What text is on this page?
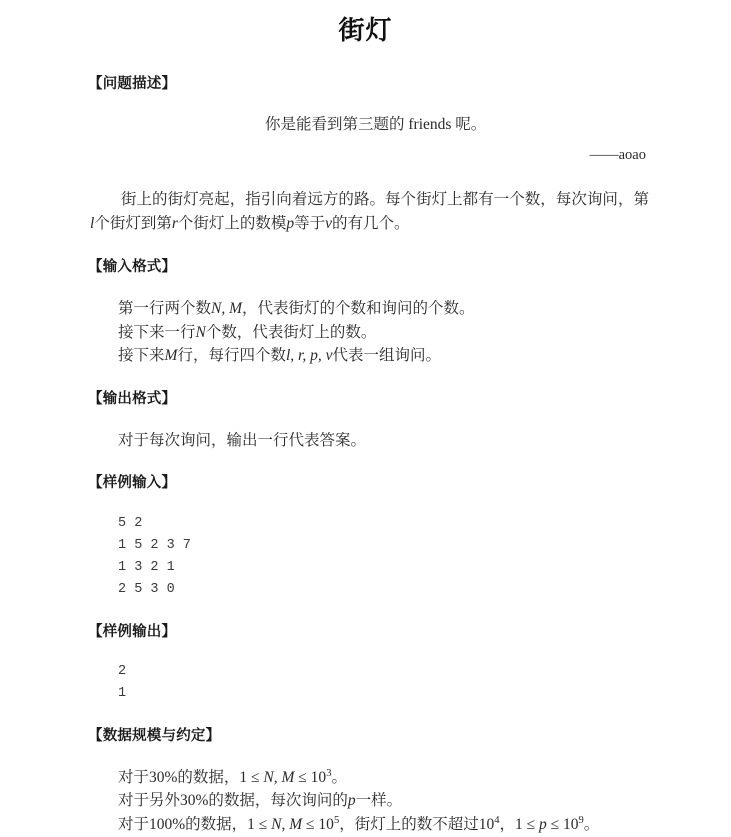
街灯
【问题描述】
你是能看到第三题的 friends 呢。
——aoao

街上的街灯亮起，指引向着远方的路。每个街灯上都有一个数，每次询问，第l个街灯到第r个街灯上的数模p等于v的有几个。

【输入格式】
第一行两个数N, M，代表街灯的个数和询问的个数。
接下来一行N个数，代表街灯上的数。
接下来M行，每行四个数l, r, p, v代表一组询问。
【输出格式】
对于每次询问，输出一行代表答案。
【样例输入】
5 2
1 5 2 3 7
1 3 2 1
2 5 3 0
【样例输出】
2
1
【数据规模与约定】
对于30%的数据，1 ≤ N, $M \le 10^3$。
对于另外30%的数据，每次询问的p一样。
对于100%的数据，1 ≤ N, $M \le 10^5$，街灯上的数不超过$10^4$，$1 \le p \le 10^9$。
